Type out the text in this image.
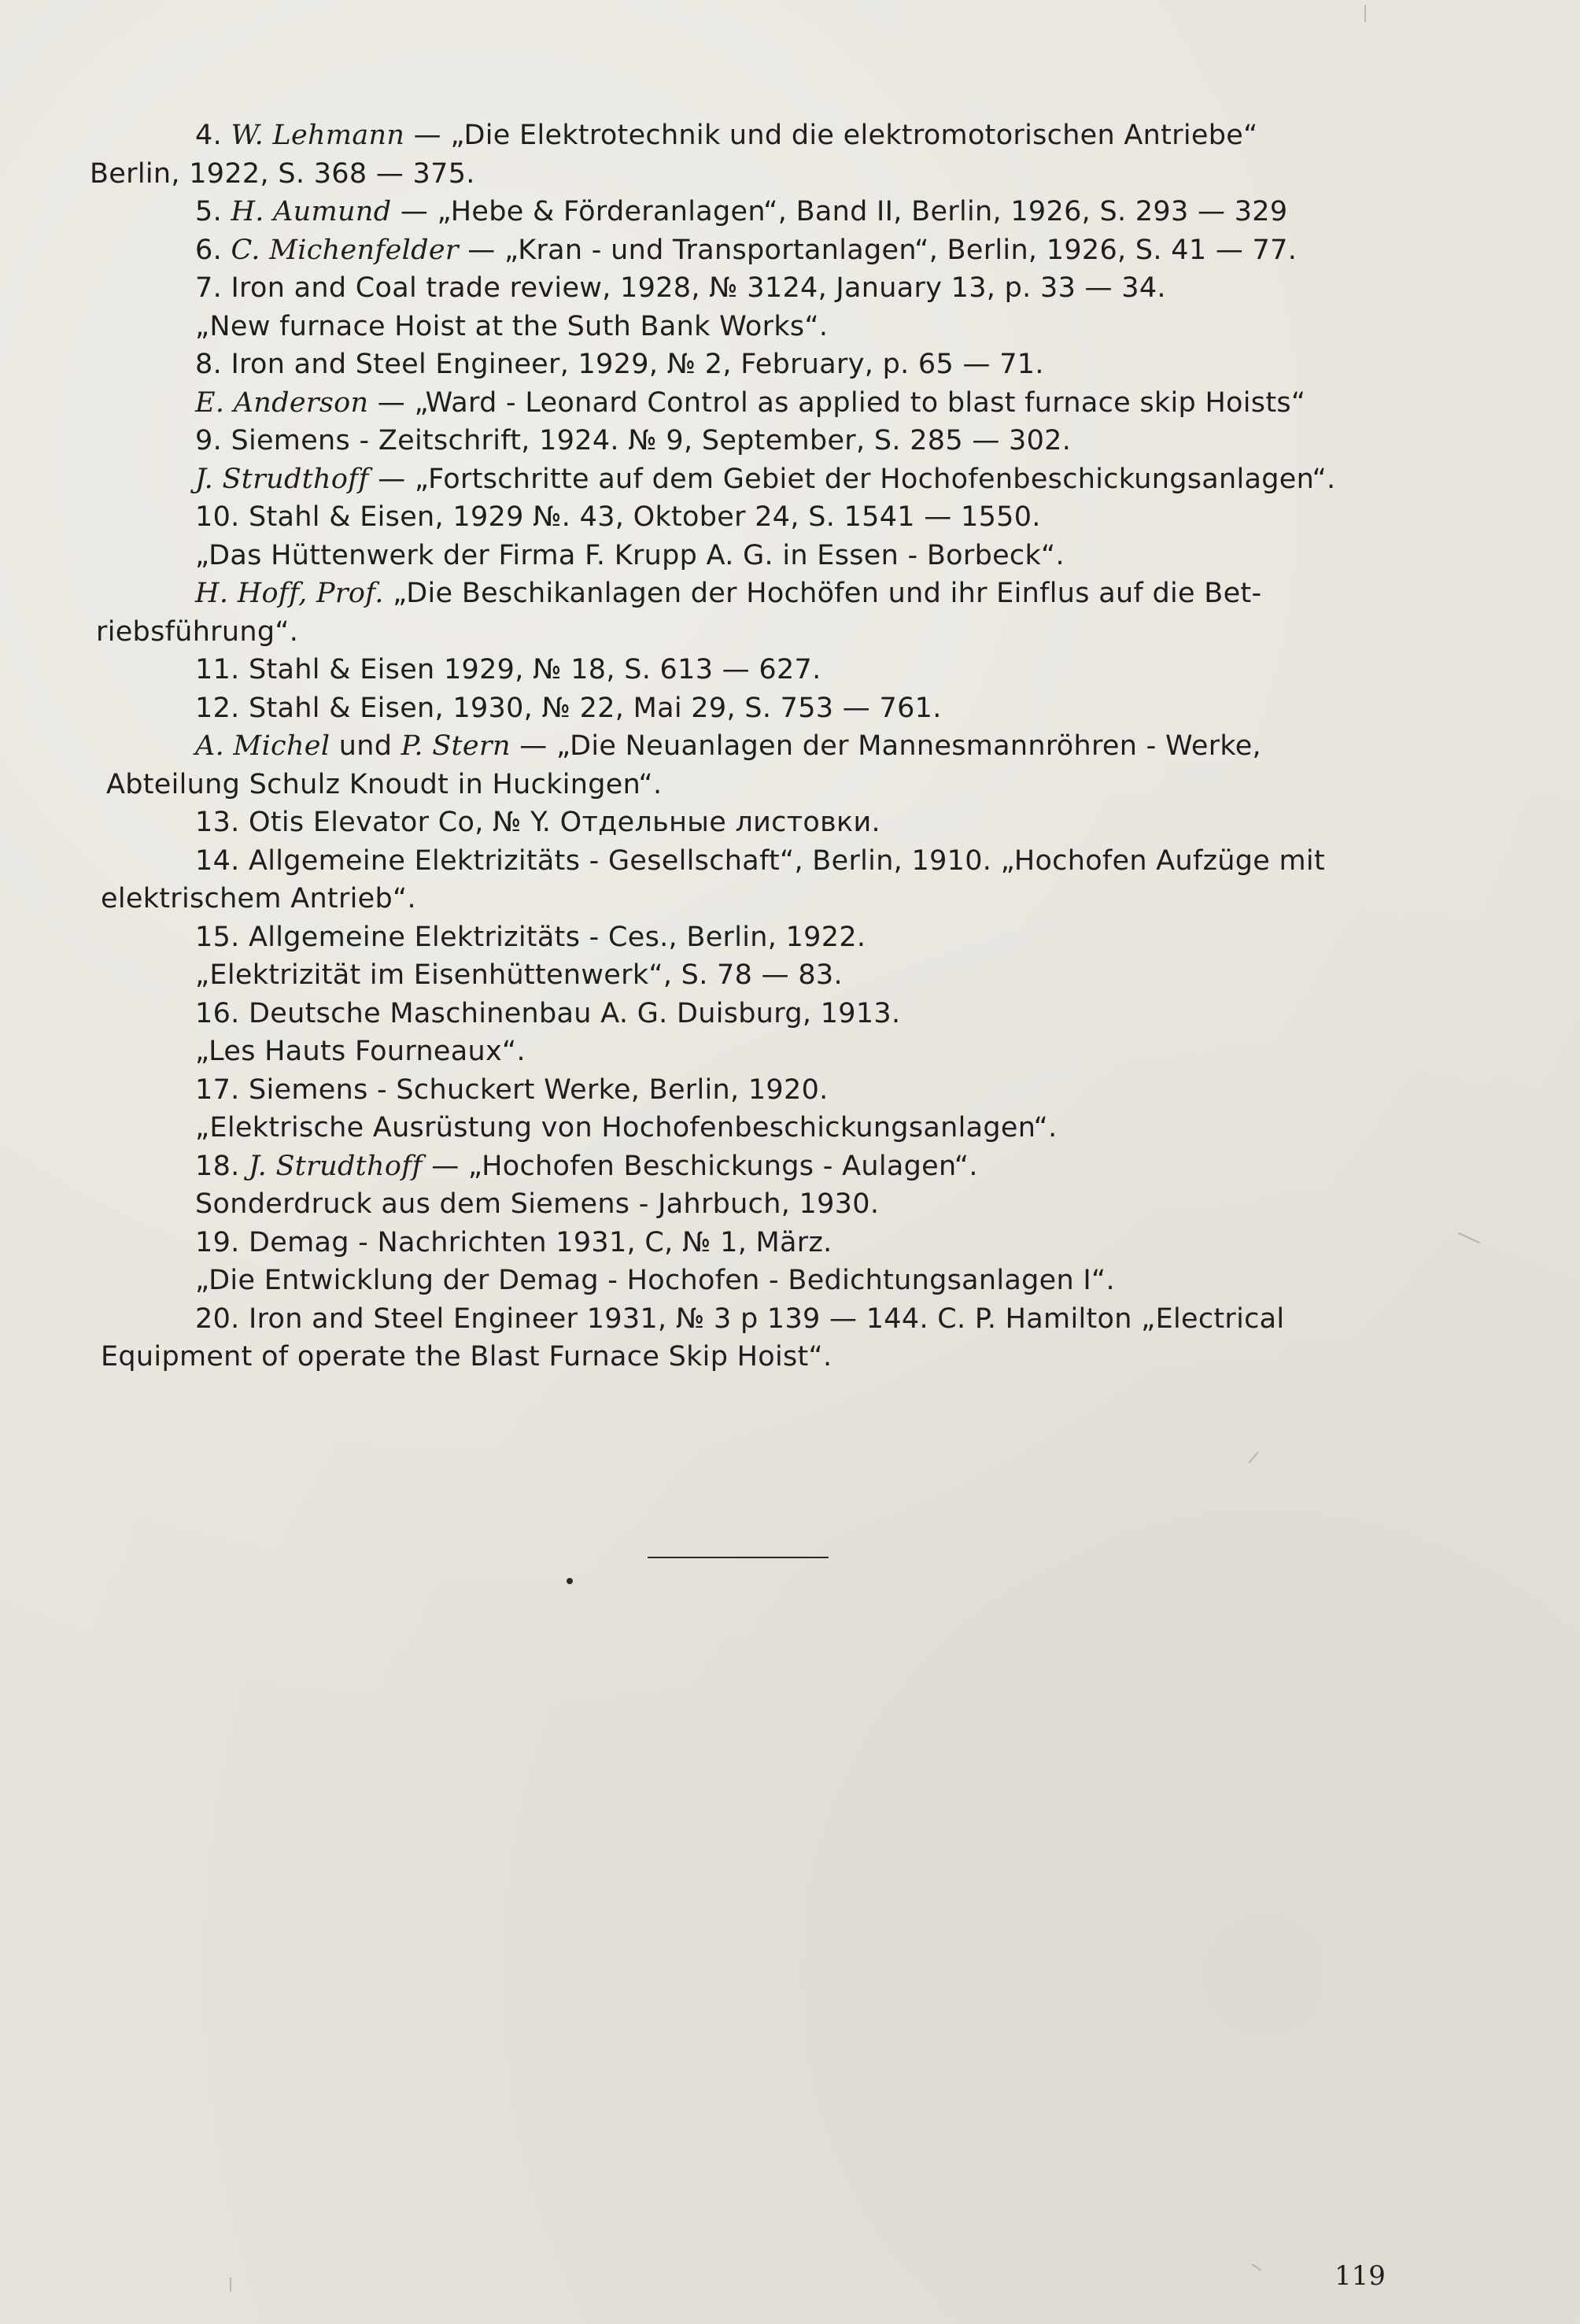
4. W. Lehmann — „Die Elektrotechnik und die elektromotorischen Antriebe“
Berlin, 1922, S. 368 — 375.
5. H. Aumund — „Hebe & Förderanlagen“, Band II, Berlin, 1926, S. 293 — 329
6. C. Michenfelder — „Kran - und Transportanlagen“, Berlin, 1926, S. 41 — 77.
7. Iron and Coal trade review, 1928, № 3124, January 13, p. 33 — 34.
„New furnace Hoist at the Suth Bank Works“.
8. Iron and Steel Engineer, 1929, № 2, February, p. 65 — 71.
E. Anderson — „Ward - Leonard Control as applied to blast furnace skip Hoists“
9. Siemens - Zeitschrift, 1924. № 9, September, S. 285 — 302.
J. Strudthoff — „Fortschritte auf dem Gebiet der Hochofenbeschickungsanlagen“.
10. Stahl & Eisen, 1929 №. 43, Oktober 24, S. 1541 — 1550.
„Das Hüttenwerk der Firma F. Krupp A. G. in Essen - Borbeck“.
H. Hoff, Prof. „Die Beschikanlagen der Hochöfen und ihr Einflus auf die Bet-
riebsführung“.
11. Stahl & Eisen 1929, № 18, S. 613 — 627.
12. Stahl & Eisen, 1930, № 22, Mai 29, S. 753 — 761.
A. Michel und P. Stern — „Die Neuanlagen der Mannesmannröhren - Werke,
Abteilung Schulz Knoudt in Huckingen“.
13. Otis Elevator Co, № Y. Отдельные листовки.
14. Allgemeine Elektrizitäts - Gesellschaft“, Berlin, 1910. „Hochofen Aufzüge mit
elektrischem Antrieb“.
15. Allgemeine Elektrizitäts - Ces., Berlin, 1922.
„Elektrizität im Eisenhüttenwerk“, S. 78 — 83.
16. Deutsche Maschinenbau A. G. Duisburg, 1913.
„Les Hauts Fourneaux“.
17. Siemens - Schuckert Werke, Berlin, 1920.
„Elektrische Ausrüstung von Hochofenbeschickungsanlagen“.
18. J. Strudthoff — „Hochofen Beschickungs - Aulagen“.
Sonderdruck aus dem Siemens - Jahrbuch, 1930.
19. Demag - Nachrichten 1931, C, № 1, März.
„Die Entwicklung der Demag - Hochofen - Bedichtungsanlagen I“.
20. Iron and Steel Engineer 1931, № 3 p 139 — 144. C. P. Hamilton „Electrical
Equipment of operate the Blast Furnace Skip Hoist“.
119
